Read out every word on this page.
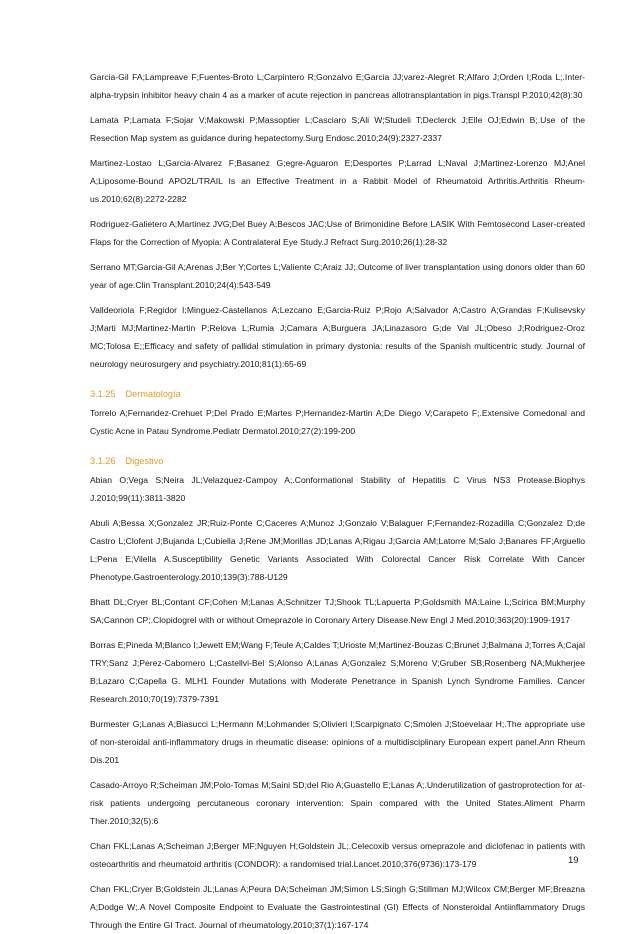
Garcia-Gil FA;Lampreave F;Fuentes-Broto L;Carpintero R;Gonzalvo E;Garcia JJ;varez-Alegret R;Alfaro J;Orden I;Roda L;.Inter-alpha-trypsin inhibitor heavy chain 4 as a marker of acute rejection in pancreas allotransplantation in pigs.Transpl P.2010;42(8):30

Lamata P;Lamata F;Sojar V;Makowski P;Massoptier L;Casciaro S;Ali W;Studeli T;Declerck J;Elle OJ;Edwin B;.Use of the Resection Map system as guidance during hepatectomy.Surg Endosc.2010;24(9):2327-2337

Martinez-Lostao L;Garcia-Alvarez F;Basanez G;egre-Aguaron E;Desportes P;Larrad L;Naval J;Martinez-Lorenzo MJ;Anel A;Liposome-Bound APO2L/TRAIL Is an Effective Treatment in a Rabbit Model of Rheumatoid Arthritis.Arthritis Rheum-us.2010;62(8):2272-2282

Rodriguez-Galietero A;Martinez JVG;Del Buey A;Bescos JAC;Use of Brimonidine Before LASIK With Femtosecond Laser-created Flaps for the Correction of Myopia: A Contralateral Eye Study.J Refract Surg.2010;26(1):28-32

Serrano MT;Garcia-Gil A;Arenas J;Ber Y;Cortes L;Valiente C;Araiz JJ;.Outcome of liver transplantation using donors older than 60 year of age.Clin Transplant.2010;24(4):543-549

Valldeoriola F;Regidor I;Minguez-Castellanos A;Lezcano E;Garcia-Ruiz P;Rojo A;Salvador A;Castro A;Grandas F;Kulisevsky J;Marti MJ;Martinez-Martin P;Relova L;Rumia J;Camara A;Burguera JA;Linazasoro G;de Val JL;Obeso J;Rodriguez-Oroz MC;Tolosa E;;Efficacy and safety of pallidal stimulation in primary dystonia: results of the Spanish multicentric study. Journal of neurology neurosurgery and psychiatry.2010;81(1):65-69

3.1.25 Dermatología

Torrelo A;Fernandez-Crehuet P;Del Prado E;Martes P;Hernandez-Martin A;De Diego V;Carapeto F;.Extensive Comedonal and Cystic Acne in Patau Syndrome.Pediatr Dermatol.2010;27(2):199-200

3.1.26 Digestivo

Abian O;Vega S;Neira JL;Velazquez-Campoy A;.Conformational Stability of Hepatitis C Virus NS3 Protease.Biophys J.2010;99(11):3811-3820

Abuli A;Bessa X;Gonzalez JR;Ruiz-Ponte C;Caceres A;Munoz J;Gonzalo V;Balaguer F;Fernandez-Rozadilla C;Gonzalez D;de Castro L;Clofent J;Bujanda L;Cubiella J;Rene JM;Morillas JD;Lanas A;Rigau J;Garcia AM;Latorre M;Salo J;Banares FF;Arguello L;Pena E;Vilella A.Susceptibility Genetic Variants Associated With Colorectal Cancer Risk Correlate With Cancer Phenotype.Gastroenterology.2010;139(3):788-U129

Bhatt DL;Cryer BL;Contant CF;Cohen M;Lanas A;Schnitzer TJ;Shook TL;Lapuerta P;Goldsmith MA:Laine L;Scirica BM;Murphy SA;Cannon CP;.Clopidogrel with or without Omeprazole in Coronary Artery Disease.New Engl J Med.2010;363(20):1909-1917

Borras E;Pineda M;Blanco I;Jewett EM;Wang F;Teule A;Caldes T;Urioste M;Martinez-Bouzas C;Brunet J;Balmana J;Torres A;Cajal TRY;Sanz J;Perez-Cabornero L;Castellvi-Bel S;Alonso A;Lanas A;Gonzalez S;Moreno V;Gruber SB;Rosenberg NA;Mukherjee B;Lazaro C;Capella G. MLH1 Founder Mutations with Moderate Penetrance in Spanish Lynch Syndrome Families. Cancer Research.2010;70(19):7379-7391

Burmester G;Lanas A;Biasucci L;Hermann M;Lohmander S;Olivieri I;Scarpignato C;Smolen J;Stoevelaar H;.The appropriate use of non-steroidal anti-inflammatory drugs in rheumatic disease: opinions of a multidisciplinary European expert panel.Ann Rheum Dis.201

Casado-Arroyo R;Scheiman JM;Polo-Tomas M;Saini SD;del Rio A;Guastello E;Lanas A;.Underutilization of gastroprotection for at-risk patients undergoing percutaneous coronary intervention: Spain compared with the United States.Aliment Pharm Ther.2010;32(5):6

Chan FKL;Lanas A;Scheiman J;Berger MF;Nguyen H;Goldstein JL;.Celecoxib versus omeprazole and diclofenac in patients with osteoarthritis and rheumatoid arthritis (CONDOR): a randomised trial.Lancet.2010;376(9736):173-179

Chan FKL;Cryer B;Goldstein JL;Lanas A;Peura DA;Scheiman JM;Simon LS;Singh G;Stillman MJ;Wilcox CM;Berger MF;Breazna A;Dodge W;.A Novel Composite Endpoint to Evaluate the Gastrointestinal (GI) Effects of Nonsteroidal Antiinflammatory Drugs Through the Entire GI Tract. Journal of rheumatology.2010;37(1):167-174

19
